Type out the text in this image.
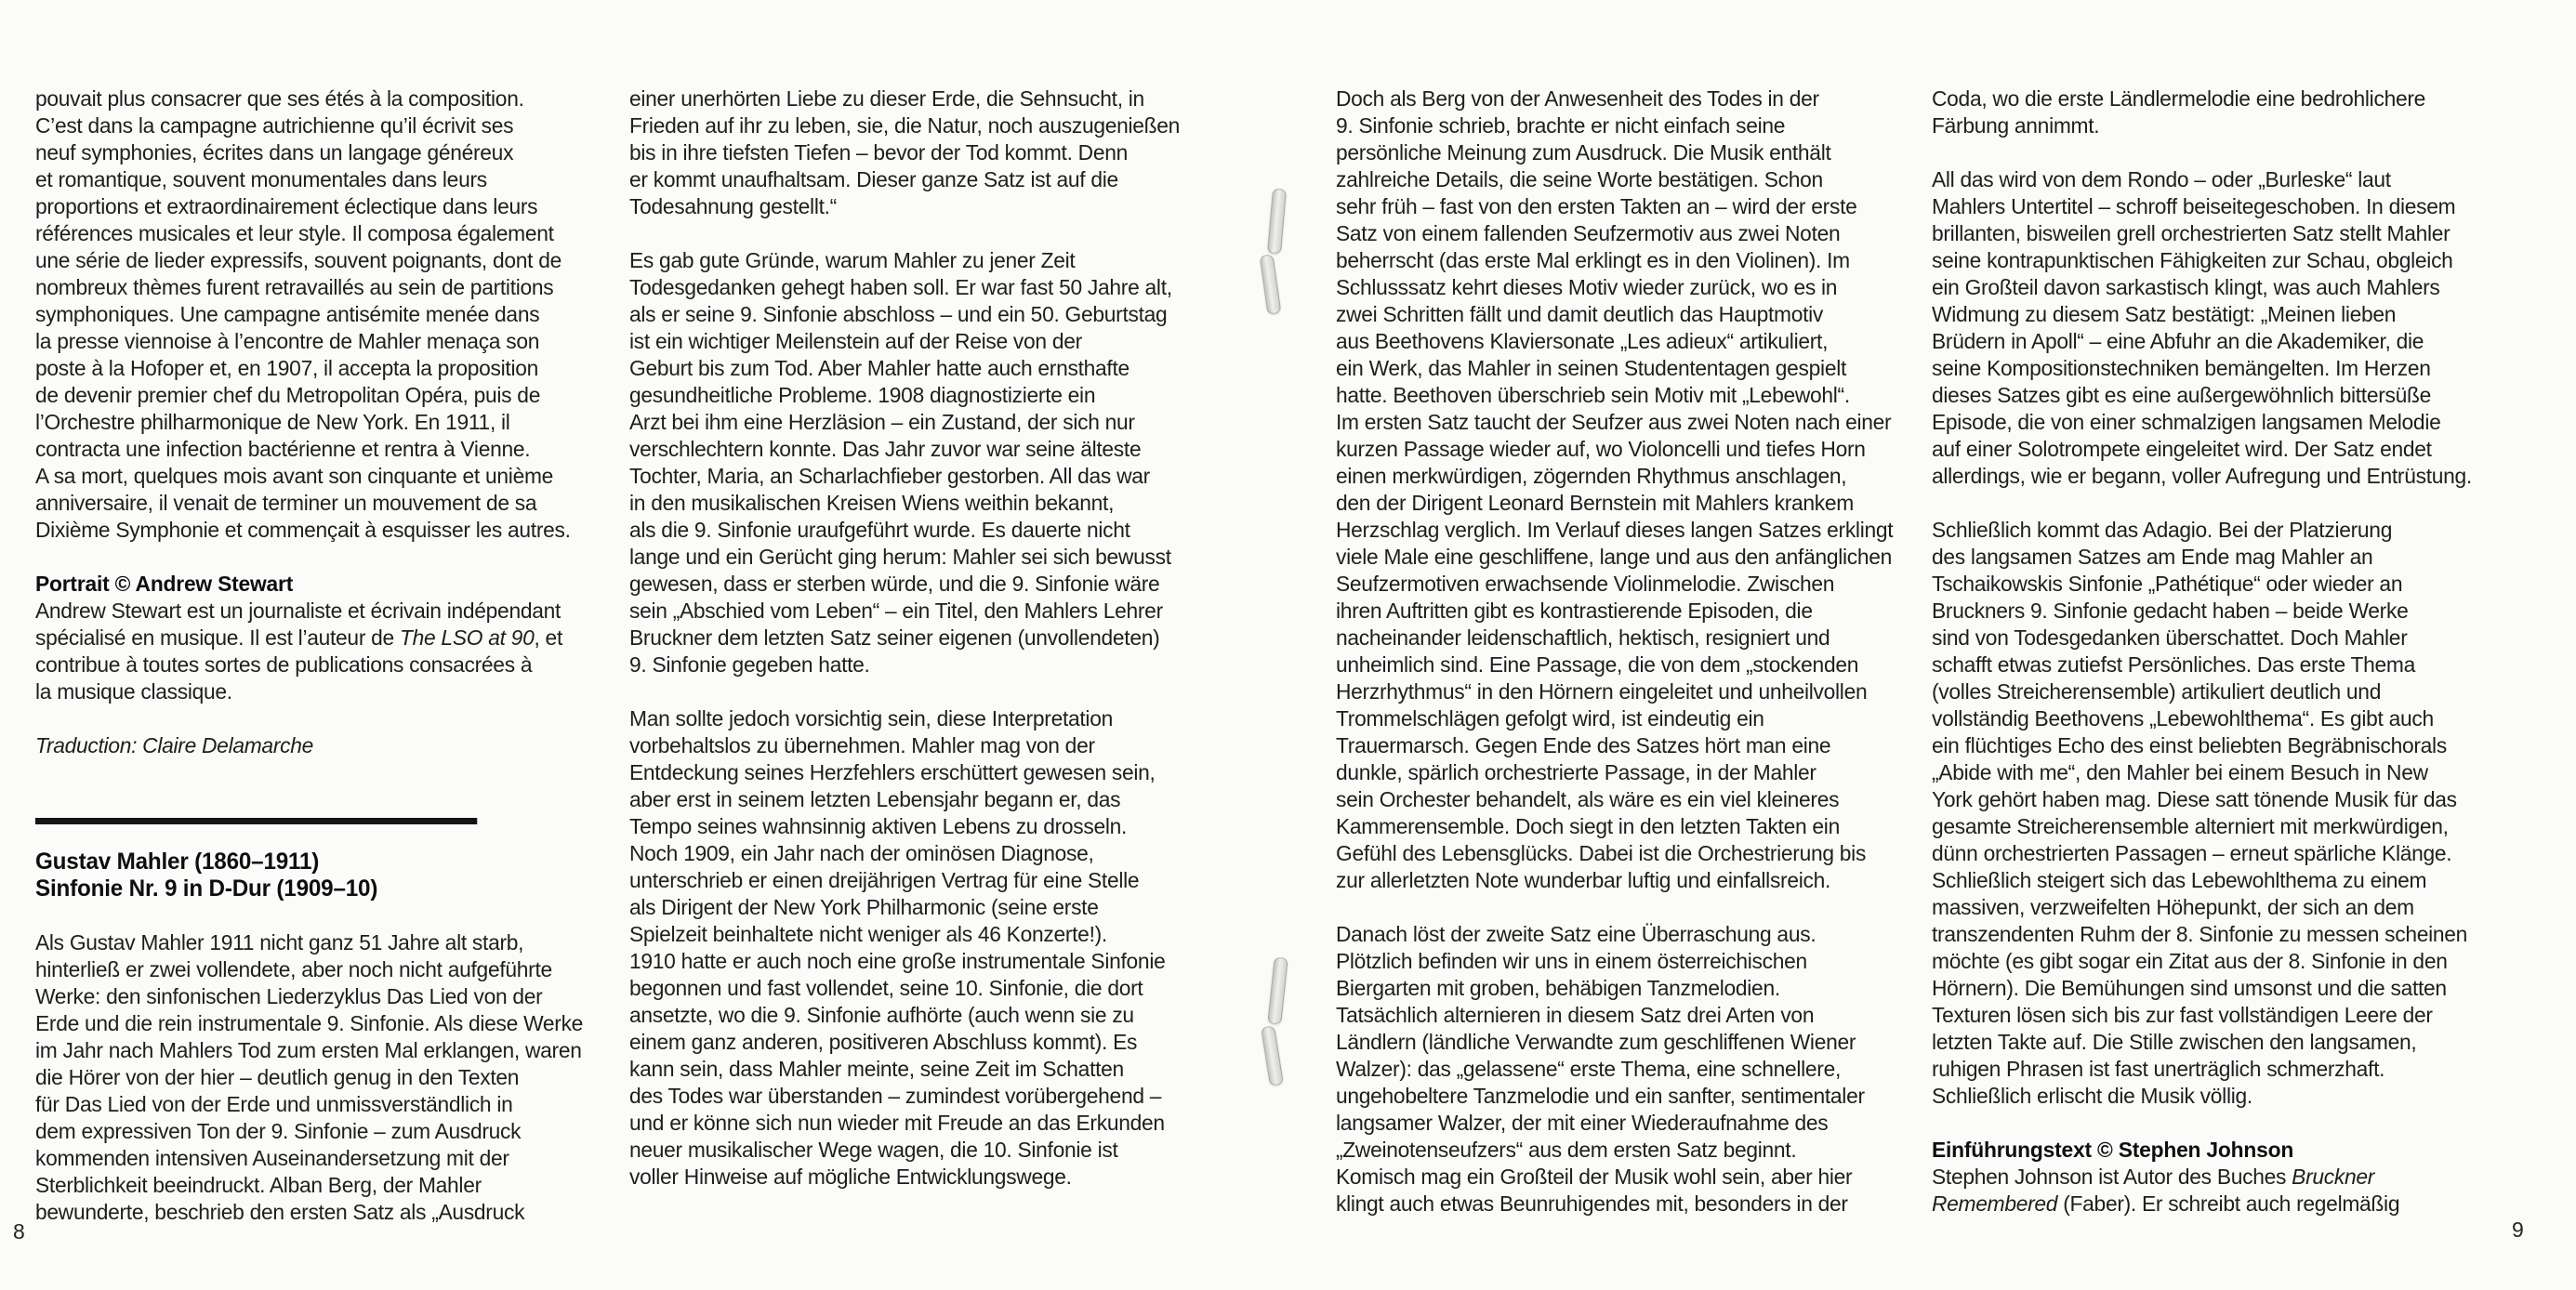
pouvait plus consacrer que ses étés à la composition.
C’est dans la campagne autrichienne qu’il écrivit ses
neuf symphonies, écrites dans un langage généreux
et romantique, souvent monumentales dans leurs
proportions et extraordinairement éclectique dans leurs
références musicales et leur style. Il composa également
une série de lieder expressifs, souvent poignants, dont de
nombreux thèmes furent retravaillés au sein de partitions
symphoniques. Une campagne antisémite menée dans
la presse viennoise à l’encontre de Mahler menaça son
poste à la Hofoper et, en 1907, il accepta la proposition
de devenir premier chef du Metropolitan Opéra, puis de
l’Orchestre philharmonique de New York. En 1911, il
contracta une infection bactérienne et rentra à Vienne.
A sa mort, quelques mois avant son cinquante et unième
anniversaire, il venait de terminer un mouvement de sa
Dixième Symphonie et commençait à esquisser les autres.
Portrait © Andrew Stewart
Andrew Stewart est un journaliste et écrivain indépendant
spécialisé en musique. Il est l’auteur de The LSO at 90, et
contribue à toutes sortes de publications consacrées à
la musique classique.
Traduction: Claire Delamarche
Gustav Mahler (1860–1911)
Sinfonie Nr. 9 in D-Dur (1909–10)
Als Gustav Mahler 1911 nicht ganz 51 Jahre alt starb,
hinterließ er zwei vollendete, aber noch nicht aufgeführte
Werke: den sinfonischen Liederzyklus Das Lied von der
Erde und die rein instrumentale 9. Sinfonie. Als diese Werke
im Jahr nach Mahlers Tod zum ersten Mal erklangen, waren
die Hörer von der hier – deutlich genug in den Texten
für Das Lied von der Erde und unmissverständlich in
dem expressiven Ton der 9. Sinfonie – zum Ausdruck
kommenden intensiven Auseinandersetzung mit der
Sterblichkeit beeindruckt. Alban Berg, der Mahler
bewunderte, beschrieb den ersten Satz als „Ausdruck
einer unerhörten Liebe zu dieser Erde, die Sehnsucht, in
Frieden auf ihr zu leben, sie, die Natur, noch auszugenießen
bis in ihre tiefsten Tiefen – bevor der Tod kommt. Denn
er kommt unaufhaltsam. Dieser ganze Satz ist auf die
Todesahnung gestellt.“
Es gab gute Gründe, warum Mahler zu jener Zeit
Todesgedanken gehegt haben soll. Er war fast 50 Jahre alt,
als er seine 9. Sinfonie abschloss – und ein 50. Geburtstag
ist ein wichtiger Meilenstein auf der Reise von der
Geburt bis zum Tod. Aber Mahler hatte auch ernsthafte
gesundheitliche Probleme. 1908 diagnostizierte ein
Arzt bei ihm eine Herzläsion – ein Zustand, der sich nur
verschlechtern konnte. Das Jahr zuvor war seine älteste
Tochter, Maria, an Scharlachfieber gestorben. All das war
in den musikalischen Kreisen Wiens weithin bekannt,
als die 9. Sinfonie uraufgeführt wurde. Es dauerte nicht
lange und ein Gerücht ging herum: Mahler sei sich bewusst
gewesen, dass er sterben würde, und die 9. Sinfonie wäre
sein „Abschied vom Leben“ – ein Titel, den Mahlers Lehrer
Bruckner dem letzten Satz seiner eigenen (unvollendeten)
9. Sinfonie gegeben hatte.
Man sollte jedoch vorsichtig sein, diese Interpretation
vorbehaltslos zu übernehmen. Mahler mag von der
Entdeckung seines Herzfehlers erschüttert gewesen sein,
aber erst in seinem letzten Lebensjahr begann er, das
Tempo seines wahnsinnig aktiven Lebens zu drosseln.
Noch 1909, ein Jahr nach der ominösen Diagnose,
unterschrieb er einen dreijährigen Vertrag für eine Stelle
als Dirigent der New York Philharmonic (seine erste
Spielzeit beinhaltete nicht weniger als 46 Konzerte!).
1910 hatte er auch noch eine große instrumentale Sinfonie
begonnen und fast vollendet, seine 10. Sinfonie, die dort
ansetzte, wo die 9. Sinfonie aufhörte (auch wenn sie zu
einem ganz anderen, positiveren Abschluss kommt). Es
kann sein, dass Mahler meinte, seine Zeit im Schatten
des Todes war überstanden – zumindest vorübergehend –
und er könne sich nun wieder mit Freude an das Erkunden
neuer musikalischer Wege wagen, die 10. Sinfonie ist
voller Hinweise auf mögliche Entwicklungswege.
Doch als Berg von der Anwesenheit des Todes in der
9. Sinfonie schrieb, brachte er nicht einfach seine
persönliche Meinung zum Ausdruck. Die Musik enthält
zahlreiche Details, die seine Worte bestätigen. Schon
sehr früh – fast von den ersten Takten an – wird der erste
Satz von einem fallenden Seufzermotiv aus zwei Noten
beherrscht (das erste Mal erklingt es in den Violinen). Im
Schlusssatz kehrt dieses Motiv wieder zurück, wo es in
zwei Schritten fällt und damit deutlich das Hauptmotiv
aus Beethovens Klaviersonate „Les adieux“ artikuliert,
ein Werk, das Mahler in seinen Studententagen gespielt
hatte. Beethoven überschrieb sein Motiv mit „Lebewohl“.
Im ersten Satz taucht der Seufzer aus zwei Noten nach einer
kurzen Passage wieder auf, wo Violoncelli und tiefes Horn
einen merkwürdigen, zögernden Rhythmus anschlagen,
den der Dirigent Leonard Bernstein mit Mahlers krankem
Herzschlag verglich. Im Verlauf dieses langen Satzes erklingt
viele Male eine geschliffene, lange und aus den anfänglichen
Seufzermotiven erwachsende Violinmelodie. Zwischen
ihren Auftritten gibt es kontrastierende Episoden, die
nacheinander leidenschaftlich, hektisch, resigniert und
unheimlich sind. Eine Passage, die von dem „stockenden
Herzrhythmus“ in den Hörnern eingeleitet und unheilvollen
Trommelschlägen gefolgt wird, ist eindeutig ein
Trauermarsch. Gegen Ende des Satzes hört man eine
dunkle, spärlich orchestrierte Passage, in der Mahler
sein Orchester behandelt, als wäre es ein viel kleineres
Kammerensemble. Doch siegt in den letzten Takten ein
Gefühl des Lebensglücks. Dabei ist die Orchestrierung bis
zur allerletzten Note wunderbar luftig und einfallsreich.
Danach löst der zweite Satz eine Überraschung aus.
Plötzlich befinden wir uns in einem österreichischen
Biergarten mit groben, behäbigen Tanzmelodien.
Tatsächlich alternieren in diesem Satz drei Arten von
Ländlern (ländliche Verwandte zum geschliffenen Wiener
Walzer): das „gelassene“ erste Thema, eine schnellere,
ungehobeltere Tanzmelodie und ein sanfter, sentimentaler
langsamer Walzer, der mit einer Wiederaufnahme des
„Zweinotenseufzers“ aus dem ersten Satz beginnt.
Komisch mag ein Großteil der Musik wohl sein, aber hier
klingt auch etwas Beunruhigendes mit, besonders in der
Coda, wo die erste Ländlermelodie eine bedrohlichere
Färbung annimmt.
All das wird von dem Rondo – oder „Burleske“ laut
Mahlers Untertitel – schroff beiseitegeschoben. In diesem
brillanten, bisweilen grell orchestrierten Satz stellt Mahler
seine kontrapunktischen Fähigkeiten zur Schau, obgleich
ein Großteil davon sarkastisch klingt, was auch Mahlers
Widmung zu diesem Satz bestätigt: „Meinen lieben
Brüdern in Apoll“ – eine Abfuhr an die Akademiker, die
seine Kompositionstechniken bemängelten. Im Herzen
dieses Satzes gibt es eine außergewöhnlich bittersüße
Episode, die von einer schmalzigen langsamen Melodie
auf einer Solotrompete eingeleitet wird. Der Satz endet
allerdings, wie er begann, voller Aufregung und Entrüstung.
Schließlich kommt das Adagio. Bei der Platzierung
des langsamen Satzes am Ende mag Mahler an
Tschaikowskis Sinfonie „Pathétique“ oder wieder an
Bruckners 9. Sinfonie gedacht haben – beide Werke
sind von Todesgedanken überschattet. Doch Mahler
schafft etwas zutiefst Persönliches. Das erste Thema
(volles Streicherensemble) artikuliert deutlich und
vollständig Beethovens „Lebewohlthema“. Es gibt auch
ein flüchtiges Echo des einst beliebten Begräbnischorals
„Abide with me“, den Mahler bei einem Besuch in New
York gehört haben mag. Diese satt tönende Musik für das
gesamte Streicherensemble alterniert mit merkwürdigen,
dünn orchestrierten Passagen – erneut spärliche Klänge.
Schließlich steigert sich das Lebewohlthema zu einem
massiven, verzweifelten Höhepunkt, der sich an dem
transzendenten Ruhm der 8. Sinfonie zu messen scheinen
möchte (es gibt sogar ein Zitat aus der 8. Sinfonie in den
Hörnern). Die Bemühungen sind umsonst und die satten
Texturen lösen sich bis zur fast vollständigen Leere der
letzten Takte auf. Die Stille zwischen den langsamen,
ruhigen Phrasen ist fast unerträglich schmerzhaft.
Schließlich erlischt die Musik völlig.
Einführungstext © Stephen Johnson
Stephen Johnson ist Autor des Buches Bruckner
Remembered (Faber). Er schreibt auch regelmäßig
8	9
